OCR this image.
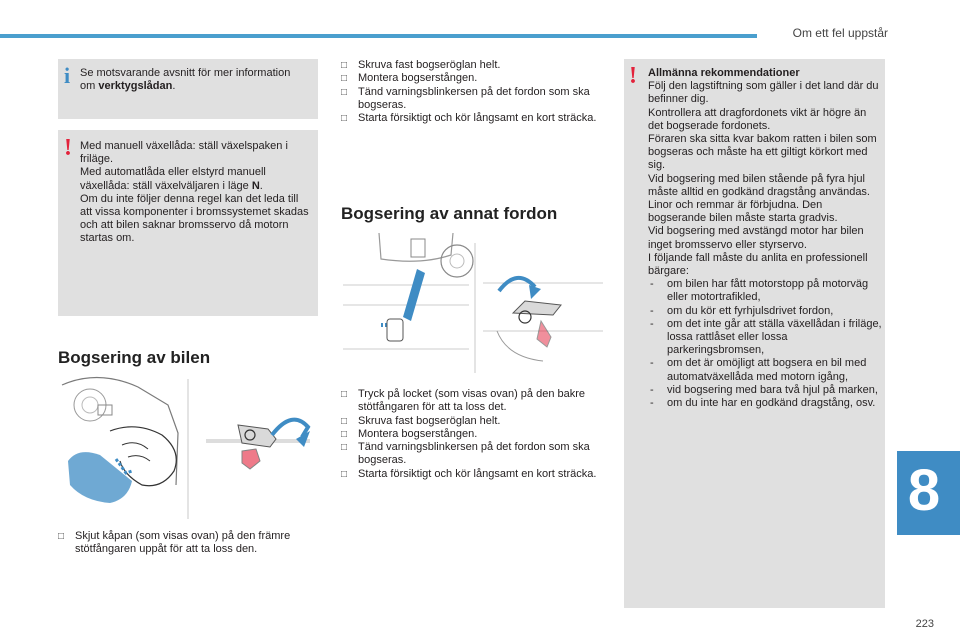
Om ett fel uppstår
i Se motsvarande avsnitt för mer information om verktygslådan.
! Med manuell växellåda: ställ växelspaken i friläge.

Med automatlåda eller elstyrd manuell växellåda: ställ växelväljaren i läge N.

Om du inte följer denna regel kan det leda till att vissa komponenter i bromssystemet skadas och att bilen saknar bromsservo då motorn startas om.

Bogsering av bilen
□ Skjut kåpan (som visas ovan) på den främre stötfångaren uppåt för att ta loss den.
□ Skruva fast bogseröglan helt.
□ Montera bogserstången.
□ Tänd varningsblinkersen på det fordon som ska bogseras.
□ Starta försiktigt och kör långsamt en kort sträcka.
Bogsering av annat fordon
□ Tryck på locket (som visas ovan) på den bakre stötfångaren för att ta loss det.
□ Skruva fast bogseröglan helt.
□ Montera bogserstången.
□ Tänd varningsblinkersen på det fordon som ska bogseras.
□ Starta försiktigt och kör långsamt en kort sträcka.
! Allmänna rekommendationer

Följ den lagstiftning som gäller i det land där du befinner dig.

Kontrollera att dragfordonets vikt är högre än det bogserade fordonets.

Föraren ska sitta kvar bakom ratten i bilen som bogseras och måste ha ett giltigt körkort med sig.

Vid bogsering med bilen stående på fyra hjul måste alltid en godkänd dragstång användas. Linor och remmar är förbjudna. Den bogserande bilen måste starta gradvis.

Vid bogsering med avstängd motor har bilen inget bromsservo eller styrservo.

I följande fall måste du anlita en professionell bärgare:

- om bilen har fått motorstopp på motorväg eller motortrafikled,
- om du kör ett fyrhjulsdrivet fordon,
- om det inte går att ställa växellådan i friläge, lossa rattlåset eller lossa parkeringsbromsen,
- om det är omöjligt att bogsera en bil med automatväxellåda med motorn igång,
- vid bogsering med bara två hjul på marken,
- om du inte har en godkänd dragstång, osv.
8
223
